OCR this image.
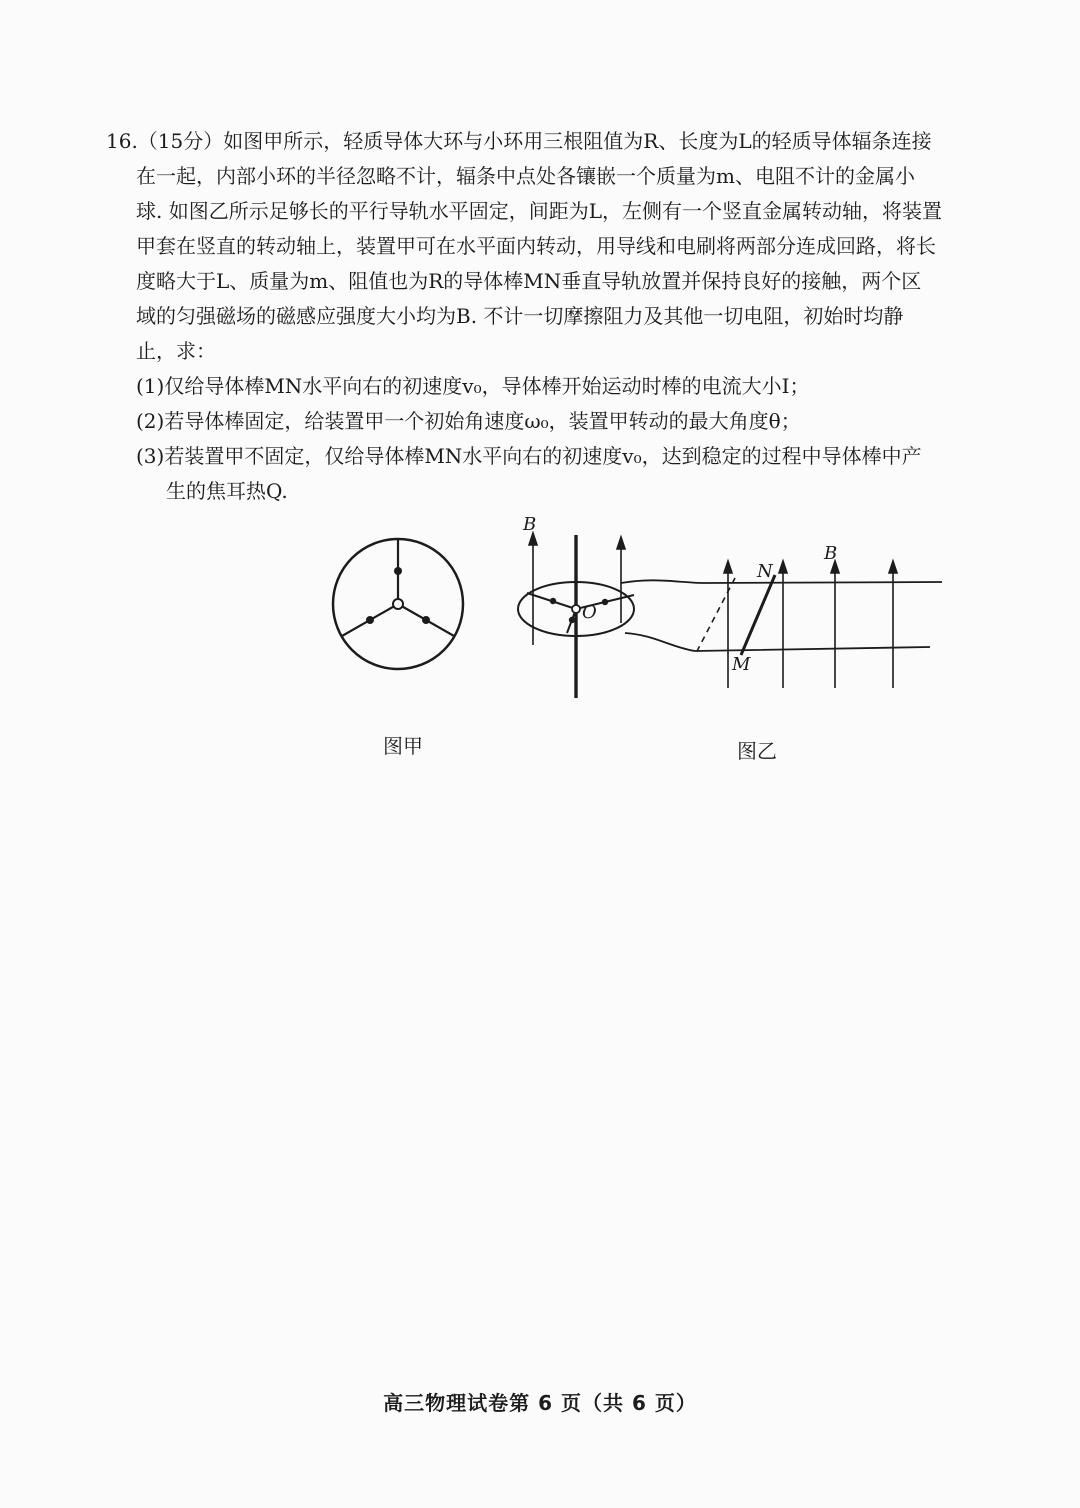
16.（15分）如图甲所示，轻质导体大环与小环用三根阻值为R、长度为L的轻质导体辐条连接
在一起，内部小环的半径忽略不计，辐条中点处各镶嵌一个质量为m、电阻不计的金属小
球. 如图乙所示足够长的平行导轨水平固定，间距为L，左侧有一个竖直金属转动轴，将装置
甲套在竖直的转动轴上，装置甲可在水平面内转动，用导线和电刷将两部分连成回路，将长
度略大于L、质量为m、阻值也为R的导体棒MN垂直导轨放置并保持良好的接触，两个区
域的匀强磁场的磁感应强度大小均为B. 不计一切摩擦阻力及其他一切电阻，初始时均静
止，求：
(1)仅给导体棒MN水平向右的初速度v₀，导体棒开始运动时棒的电流大小I；
(2)若导体棒固定，给装置甲一个初始角速度ω₀，装置甲转动的最大角度θ；
(3)若装置甲不固定，仅给导体棒MN水平向右的初速度v₀，达到稳定的过程中导体棒中产
生的焦耳热Q.
O
N
M
B
B
图甲	图乙
高三物理试卷第 6 页（共 6 页）
